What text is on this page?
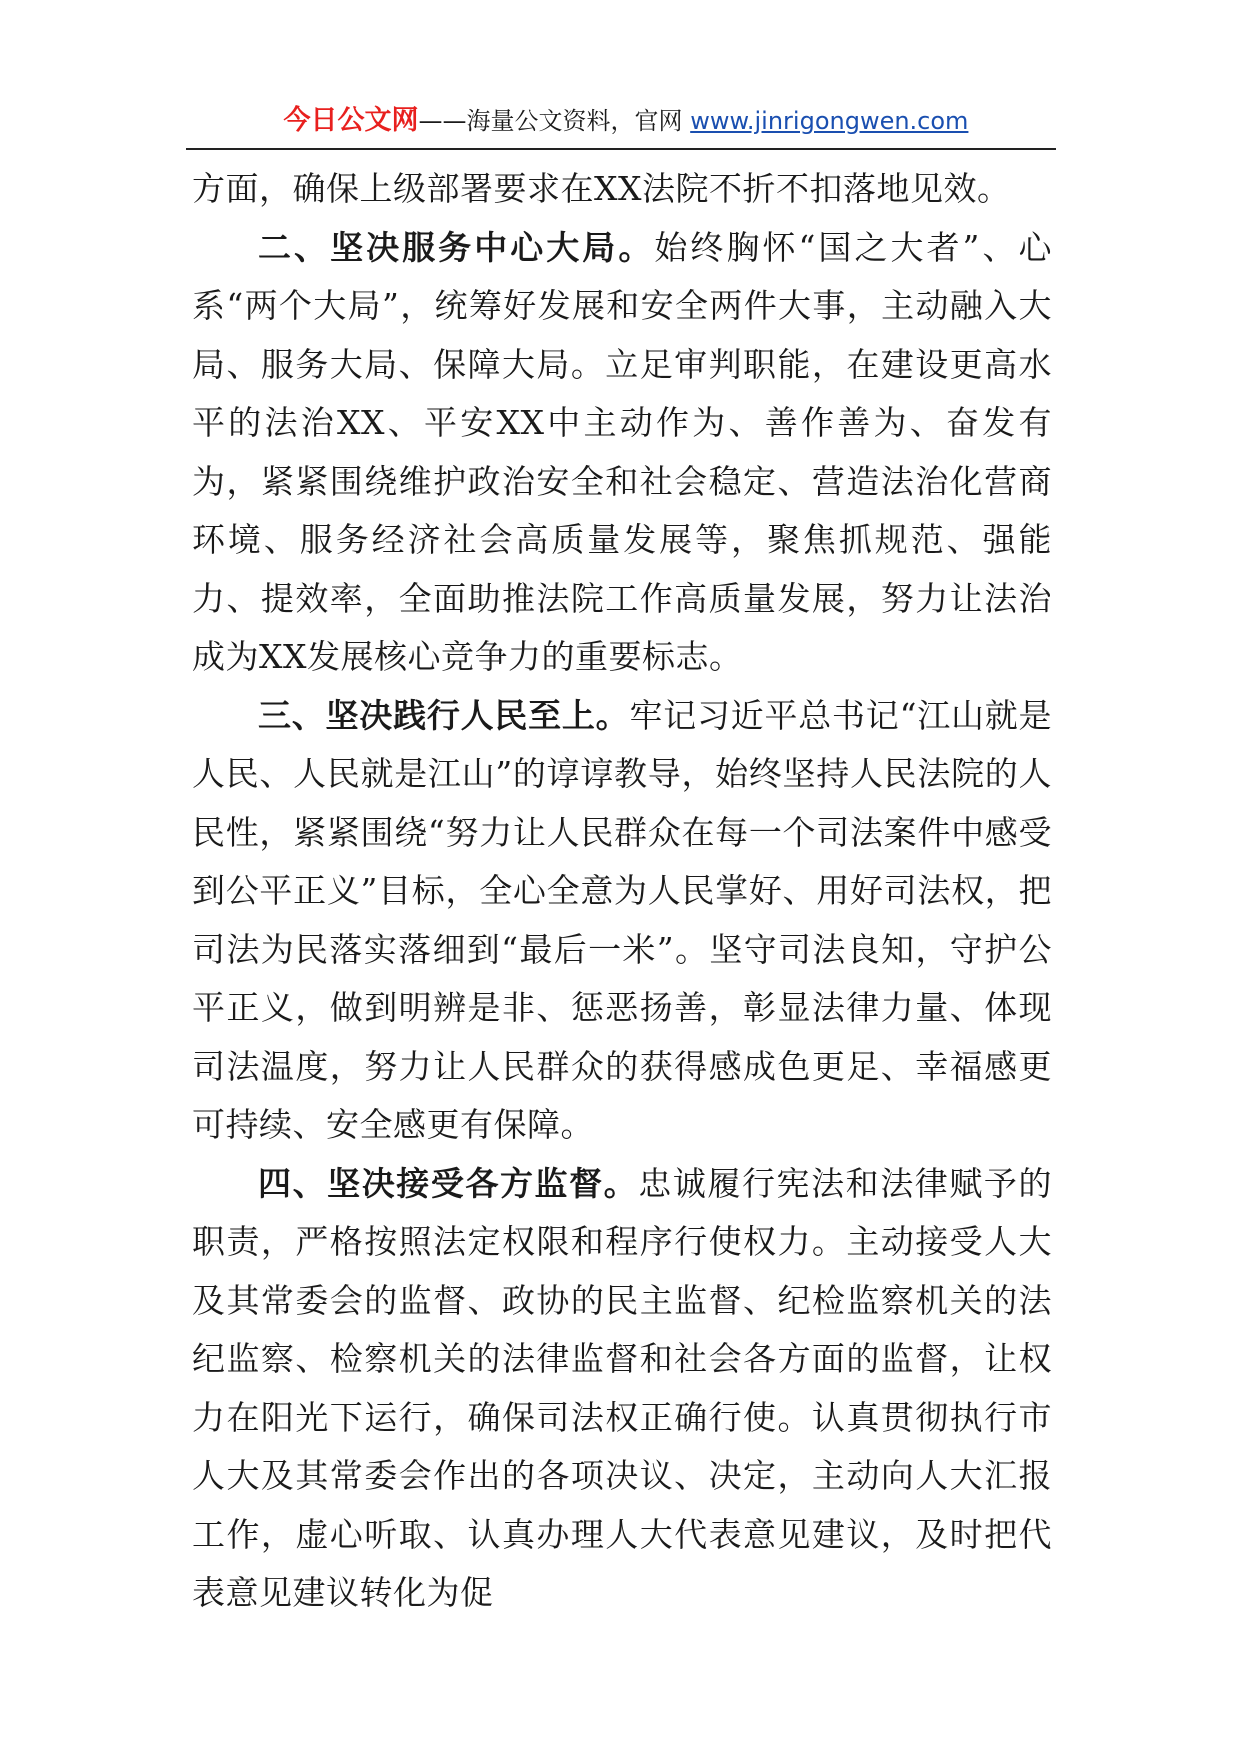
今日公文网——海量公文资料，官网 www.jinrigongwen.com

方面，确保上级部署要求在XX法院不折不扣落地见效。

二、坚决服务中心大局。始终胸怀“国之大者”、心系“两个大局”，统筹好发展和安全两件大事，主动融入大局、服务大局、保障大局。立足审判职能，在建设更高水平的法治XX、平安XX中主动作为、善作善为、奋发有为，紧紧围绕维护政治安全和社会稳定、营造法治化营商环境、服务经济社会高质量发展等，聚焦抓规范、强能力、提效率，全面助推法院工作高质量发展，努力让法治成为XX发展核心竞争力的重要标志。

三、坚决践行人民至上。牢记习近平总书记“江山就是人民、人民就是江山”的谆谆教导，始终坚持人民法院的人民性，紧紧围绕“努力让人民群众在每一个司法案件中感受到公平正义”目标，全心全意为人民掌好、用好司法权，把司法为民落实落细到“最后一米”。坚守司法良知，守护公平正义，做到明辨是非、惩恶扬善，彰显法律力量、体现司法温度，努力让人民群众的获得感成色更足、幸福感更可持续、安全感更有保障。

四、坚决接受各方监督。忠诚履行宪法和法律赋予的职责，严格按照法定权限和程序行使权力。主动接受人大及其常委会的监督、政协的民主监督、纪检监察机关的法纪监察、检察机关的法律监督和社会各方面的监督，让权力在阳光下运行，确保司法权正确行使。认真贯彻执行市人大及其常委会作出的各项决议、决定，主动向人大汇报工作，虚心听取、认真办理人大代表意见建议，及时把代表意见建议转化为促
